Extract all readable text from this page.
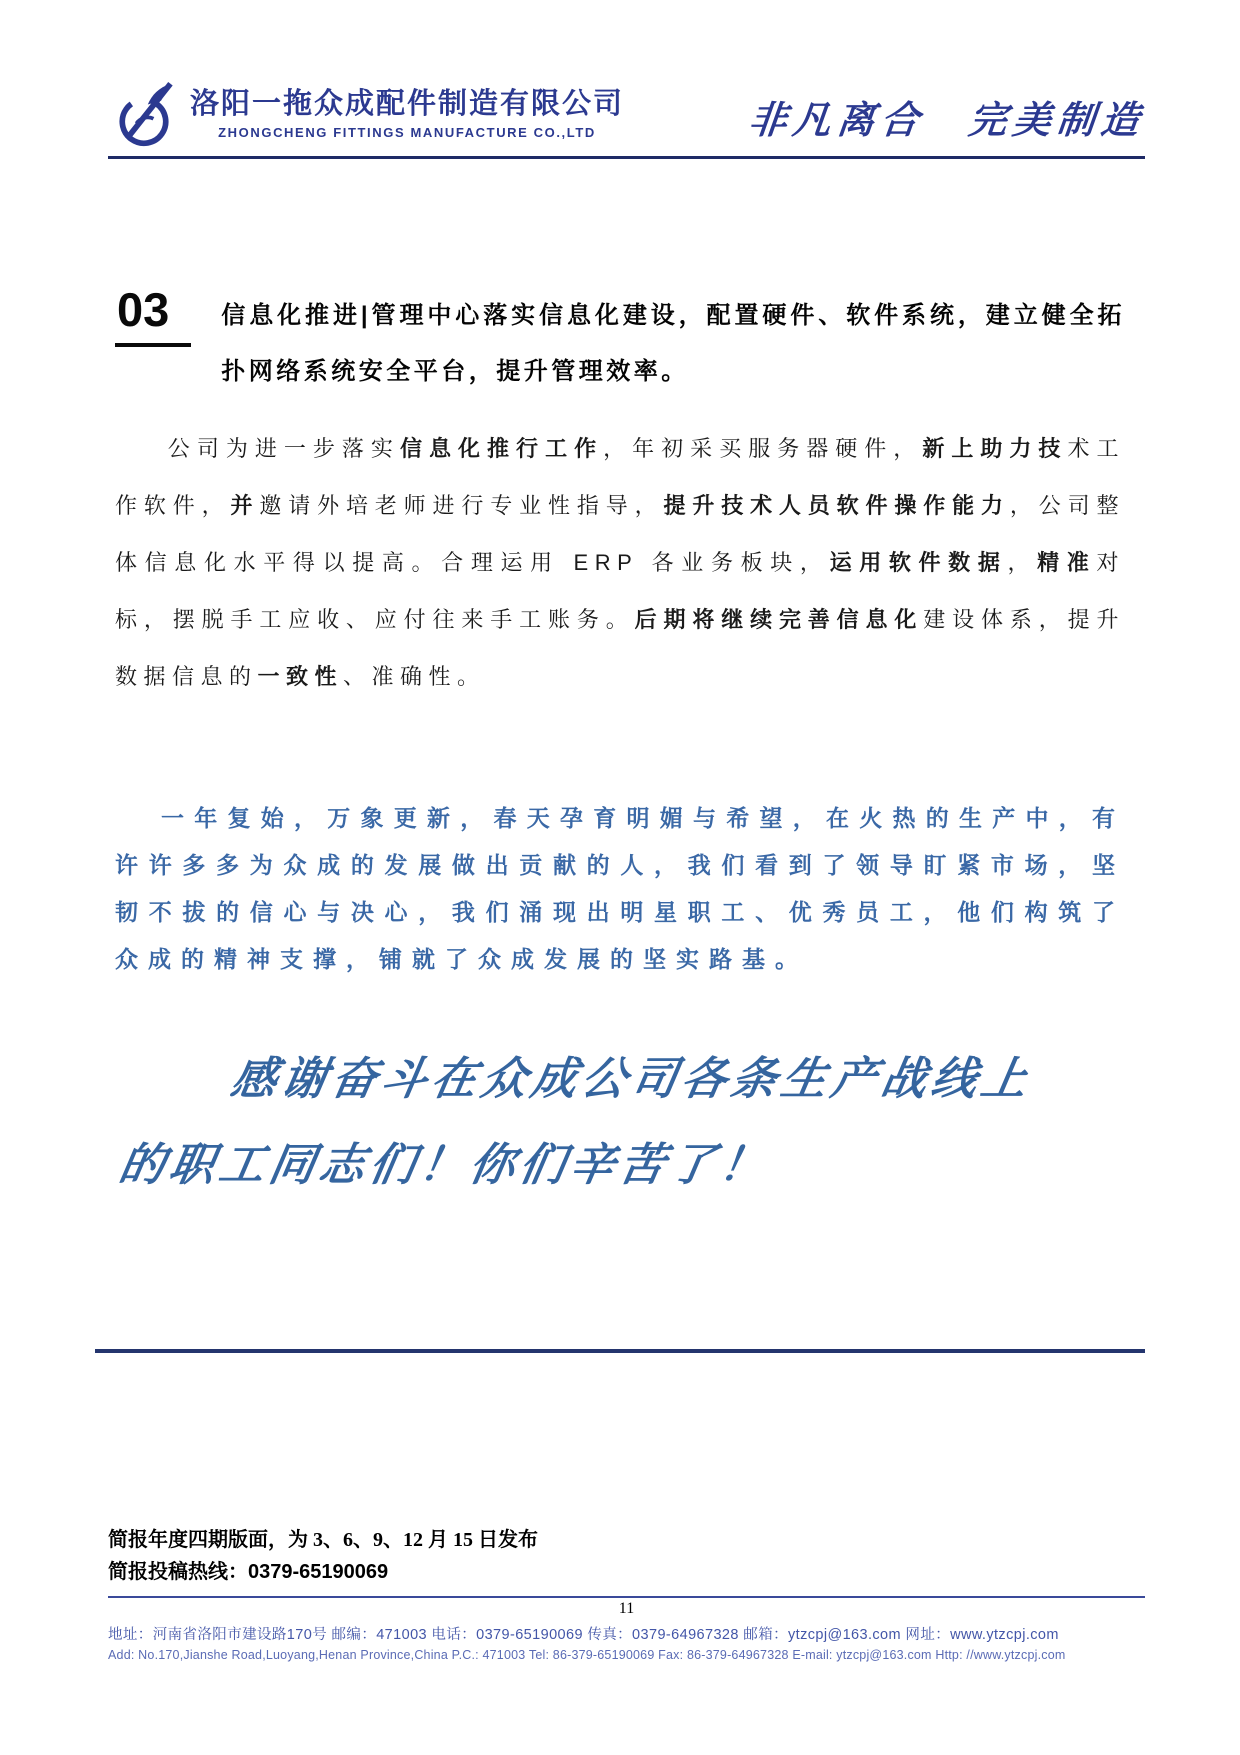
洛阳一拖众成配件制造有限公司
ZHONGCHENG FITTINGS MANUFACTURE CO.,LTD	非凡离合　完美制造
03	信息化推进|管理中心落实信息化建设，配置硬件、软件系统，建立健全拓扑网络系统安全平台，提升管理效率。

公司为进一步落实信息化推行工作，年初采买服务器硬件，新上助力技术工作软件，并邀请外培老师进行专业性指导，提升技术人员软件操作能力，公司整体信息化水平得以提高。合理运用 ERP 各业务板块，运用软件数据，精准对标，摆脱手工应收、应付往来手工账务。后期将继续完善信息化建设体系，提升数据信息的一致性、准确性。

一年复始，万象更新，春天孕育明媚与希望，在火热的生产中，有许许多多为众成的发展做出贡献的人，我们看到了领导盯紧市场，坚韧不拔的信心与决心，我们涌现出明星职工、优秀员工，他们构筑了众成的精神支撑，铺就了众成发展的坚实路基。

感谢奋斗在众成公司各条生产战线上
的职工同志们！你们辛苦了！
简报年度四期版面，为 3、6、9、12 月 15 日发布
简报投稿热线：0379-65190069
11
地址：河南省洛阳市建设路170号 邮编：471003 电话：0379-65190069 传真：0379-64967328 邮箱：ytzcpj@163.com 网址：www.ytzcpj.com
Add: No.170,Jianshe Road,Luoyang,Henan Province,China P.C.: 471003 Tel: 86-379-65190069 Fax: 86-379-64967328 E-mail: ytzcpj@163.com Http: //www.ytzcpj.com
